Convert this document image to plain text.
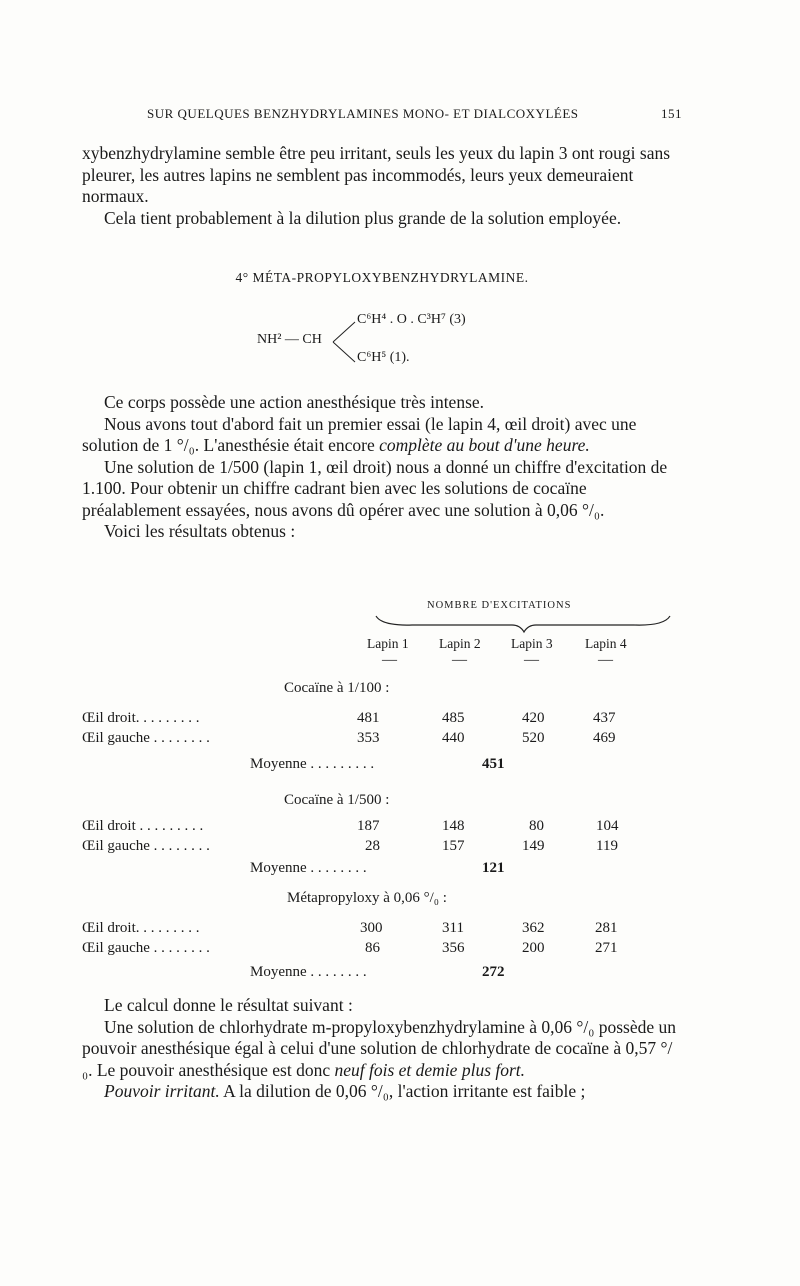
SUR QUELQUES BENZHYDRYLAMINES MONO- ET DIALCOXYLÉES	151

xybenzhydrylamine semble être peu irritant, seuls les yeux du lapin 3 ont rougi sans pleurer, les autres lapins ne semblent pas incommodés, leurs yeux demeuraient normaux.

Cela tient probablement à la dilution plus grande de la solution employée.

4° MÉTA-PROPYLOXYBENZHYDRYLAMINE.
NH² — CH
C⁶H⁴ . O . C³H⁷ (3)
C⁶H⁵ (1).

Ce corps possède une action anesthésique très intense.

Nous avons tout d'abord fait un premier essai (le lapin 4, œil droit) avec une solution de 1 °/₀. L'anesthésie était encore complète au bout d'une heure.

Une solution de 1/500 (lapin 1, œil droit) nous a donné un chiffre d'excitation de 1.100. Pour obtenir un chiffre cadrant bien avec les solutions de cocaïne préalablement essayées, nous avons dû opérer avec une solution à 0,06 °/₀.

Voici les résultats obtenus :

NOMBRE D'EXCITATIONS
Lapin 1 Lapin 2 Lapin 3 Lapin 4
—	—	—	—
Cocaïne à 1/100 :
Œil droit. . . . . . . . .	481	485	420	437
Œil gauche . . . . . . . .	353	440	520	469
Moyenne . . . . . . . . .	451
Cocaïne à 1/500 :
Œil droit . . . . . . . . .	187	148	80	104
Œil gauche . . . . . . . .	28	157	149	119
Moyenne . . . . . . . .	121
Métapropyloxy à 0,06 °/₀ :
Œil droit. . . . . . . . .	300	311	362	281
Œil gauche . . . . . . . .	86	356	200	271
Moyenne . . . . . . . .	272

Le calcul donne le résultat suivant :

Une solution de chlorhydrate m-propyloxybenzhydrylamine à 0,06 °/₀ possède un pouvoir anesthésique égal à celui d'une solution de chlorhydrate de cocaïne à 0,57 °/₀. Le pouvoir anesthésique est donc neuf fois et demie plus fort.

Pouvoir irritant. A la dilution de 0,06 °/₀, l'action irritante est faible ;
